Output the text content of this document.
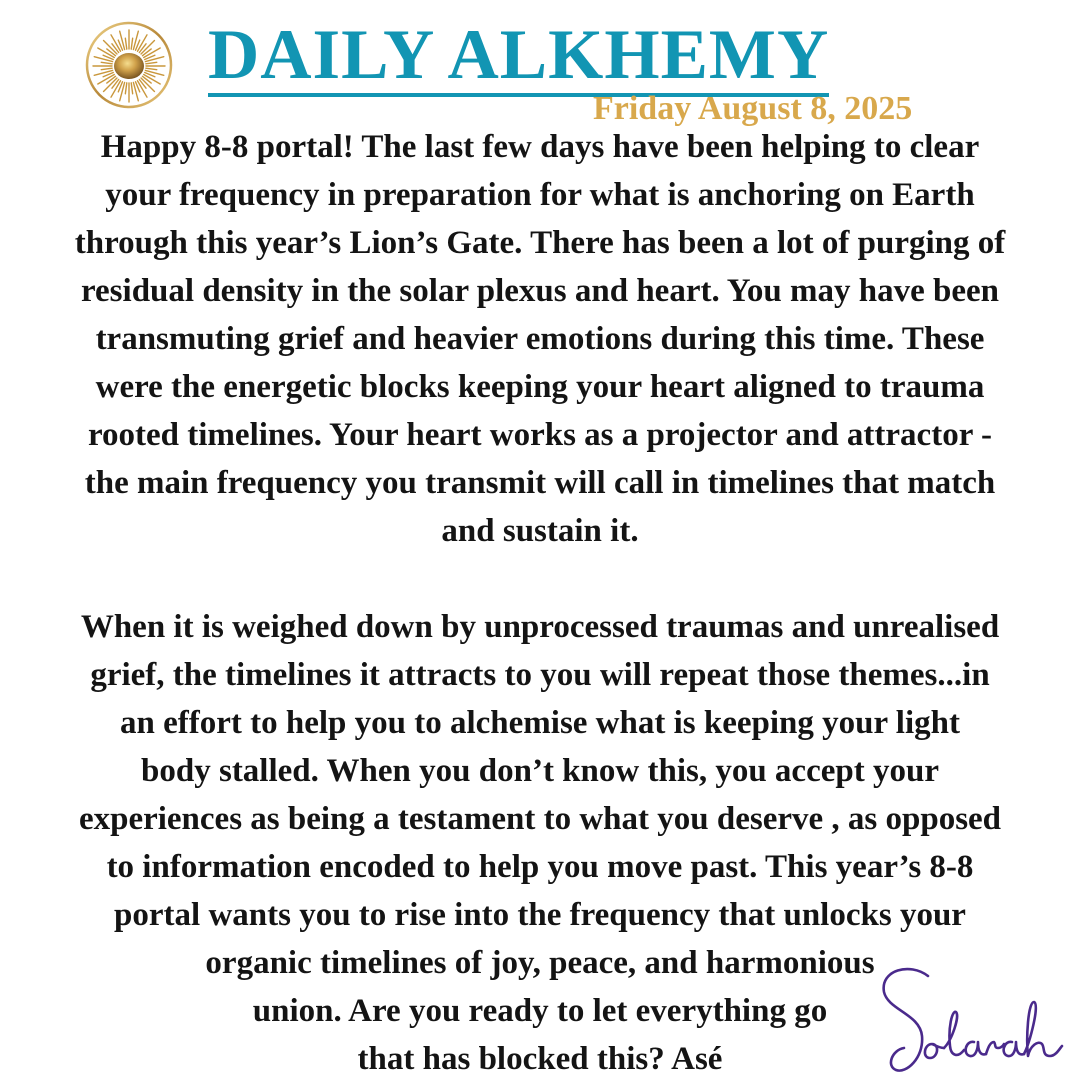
DAILY ALKHEMY
Friday August 8, 2025
Happy 8-8 portal! The last few days have been helping to clear
your frequency in preparation for what is anchoring on Earth
through this year’s Lion’s Gate. There has been a lot of purging of
residual density in the solar plexus and heart. You may have been
transmuting grief and heavier emotions during this time. These
were the energetic blocks keeping your heart aligned to trauma
rooted timelines. Your heart works as a projector and attractor -
the main frequency you transmit will call in timelines that match
and sustain it.
When it is weighed down by unprocessed traumas and unrealised
grief, the timelines it attracts to you will repeat those themes...in
an effort to help you to alchemise what is keeping your light
body stalled. When you don’t know this, you accept your
experiences as being a testament to what you deserve , as opposed
to information encoded to help you move past. This year’s 8-8
portal wants you to rise into the frequency that unlocks your
organic timelines of joy, peace, and harmonious
union. Are you ready to let everything go
that has blocked this? Asé
